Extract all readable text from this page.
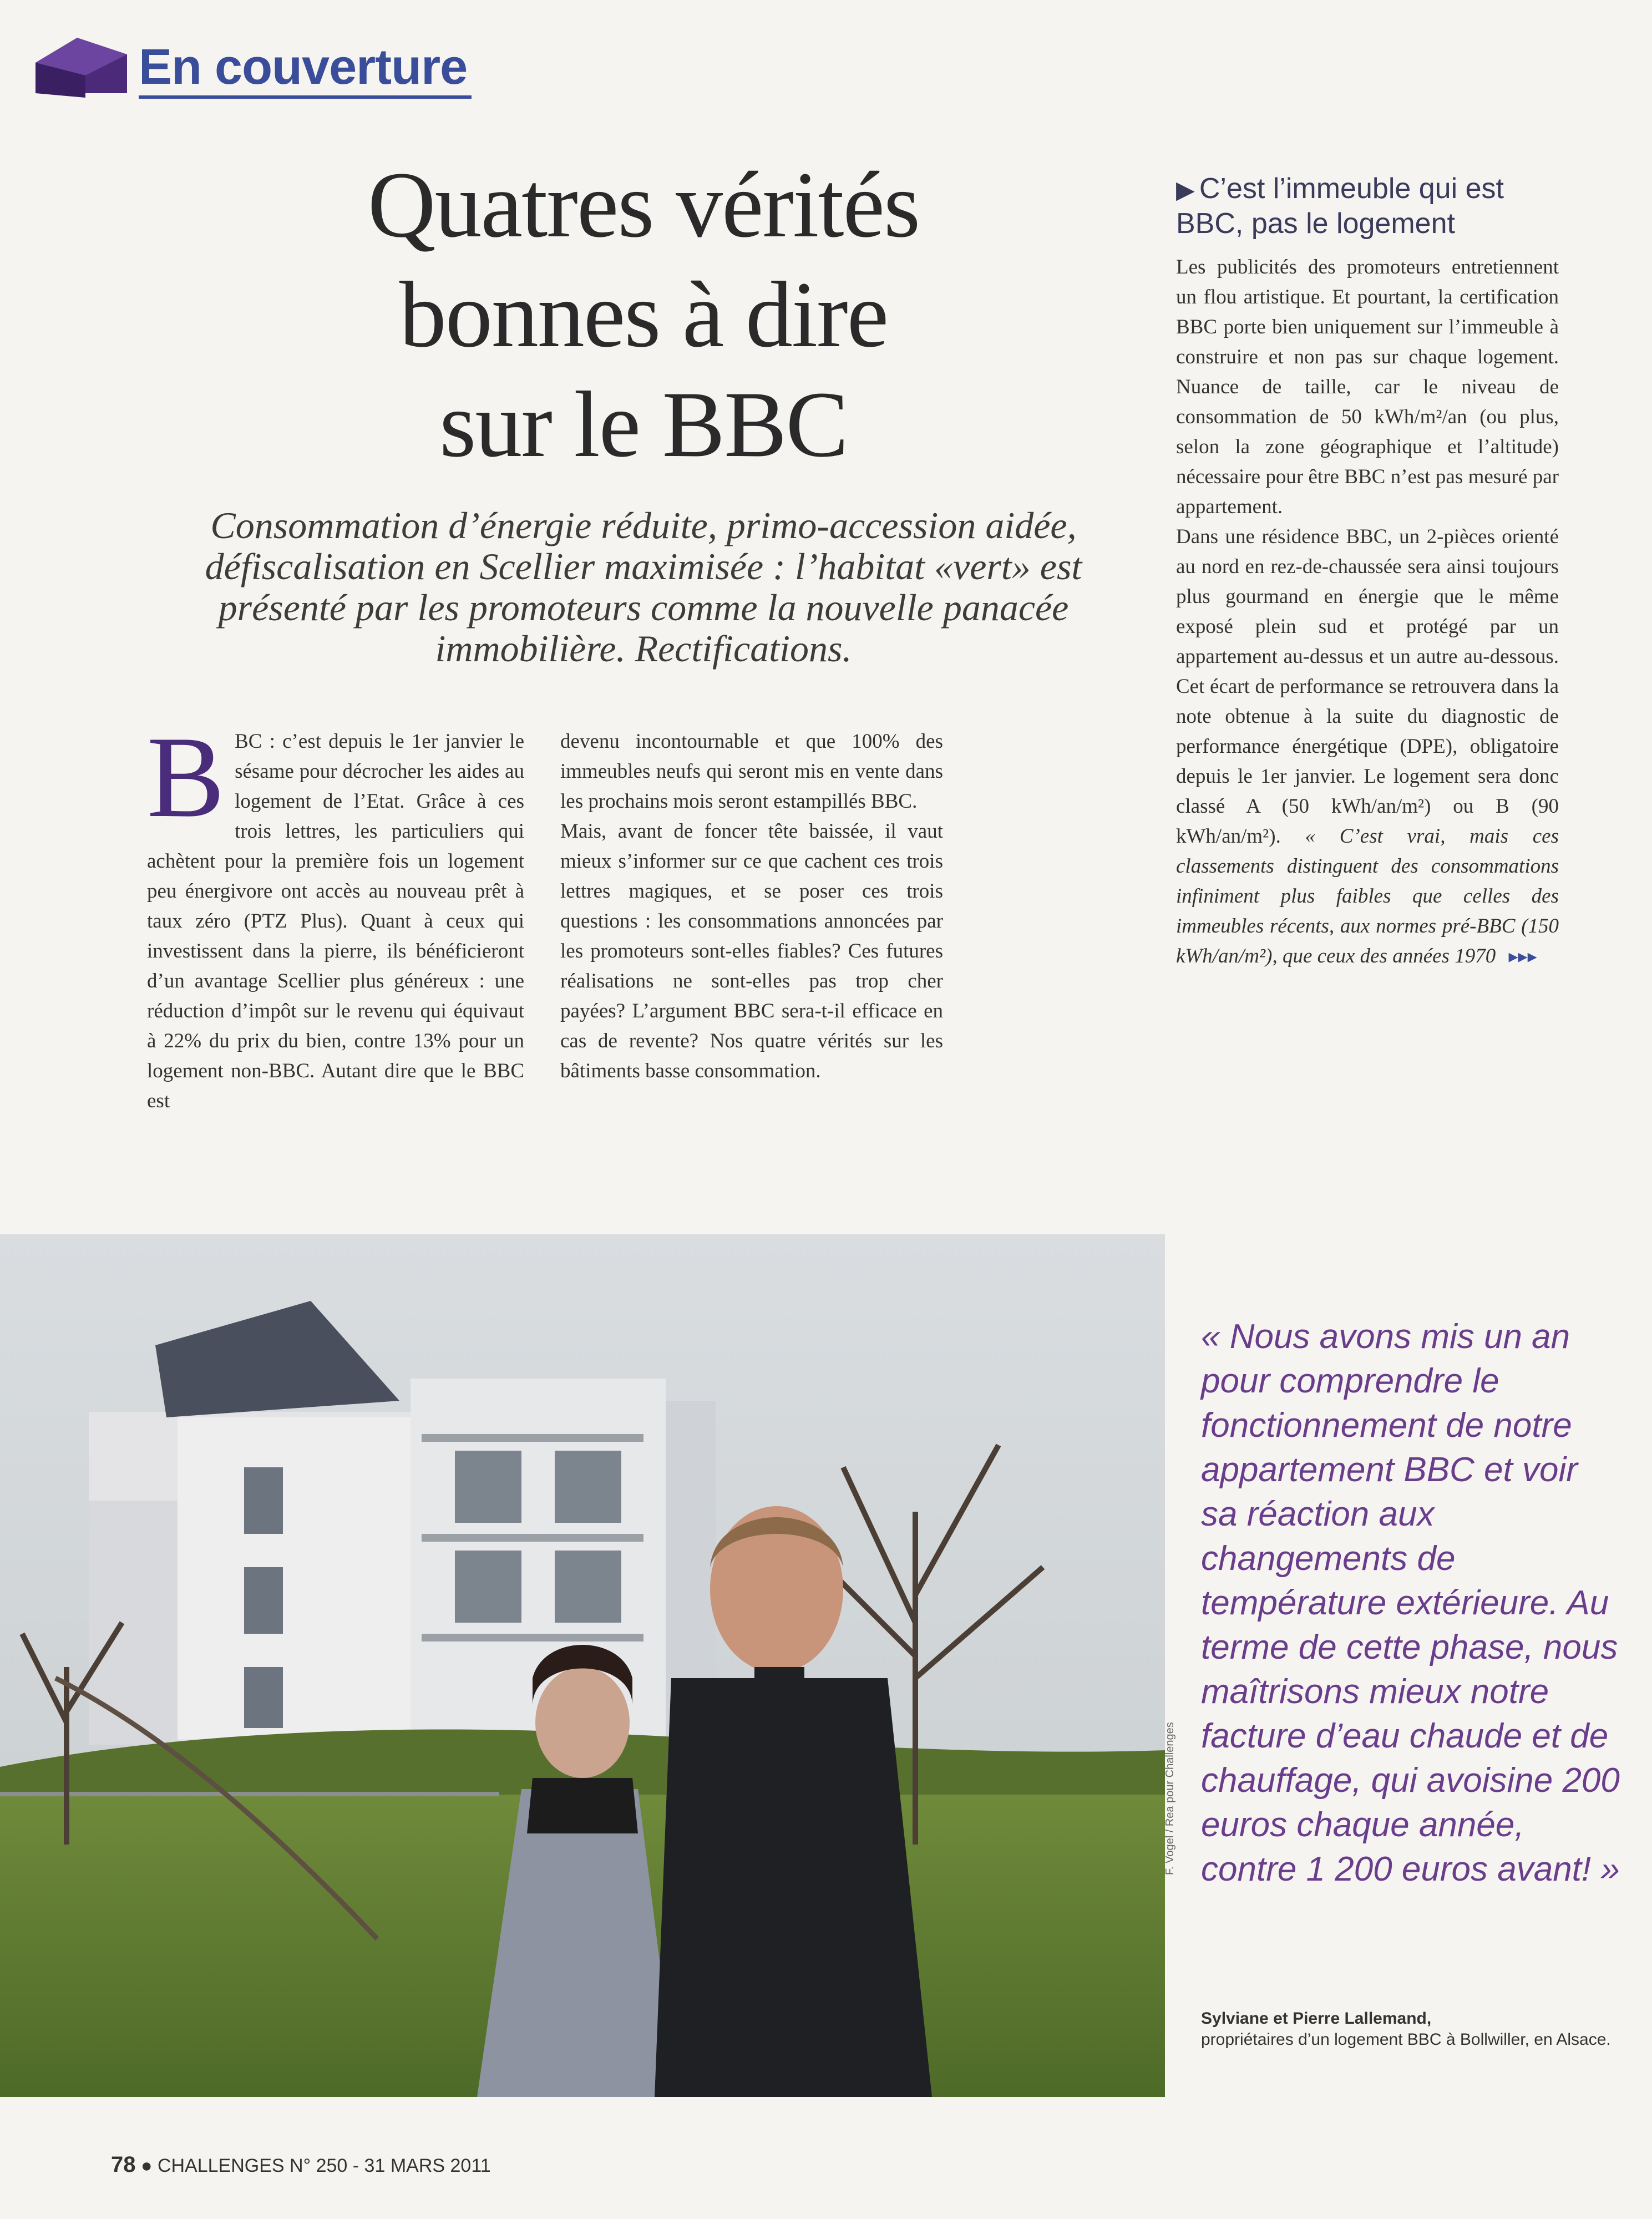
En couverture
Quatres vérités
bonnes à dire
sur le BBC
Consommation d’énergie réduite, primo-accession aidée, défiscalisation en Scellier maximisée : l’habitat «vert» est présenté par les promoteurs comme la nouvelle panacée immobilière. Rectifications.
B BC : c’est depuis le 1er janvier le sésame pour décrocher les aides au logement de l’Etat. Grâce à ces trois lettres, les particuliers qui achètent pour la première fois un logement peu énergivore ont accès au nouveau prêt à taux zéro (PTZ Plus). Quant à ceux qui investissent dans la pierre, ils bénéficieront d’un avantage Scellier plus généreux : une réduction d’impôt sur le revenu qui équivaut à 22% du prix du bien, contre 13% pour un logement non-BBC. Autant dire que le BBC est

devenu incontournable et que 100% des immeubles neufs qui seront mis en vente dans les prochains mois seront estampillés BBC.

Mais, avant de foncer tête baissée, il vaut mieux s’informer sur ce que cachent ces trois lettres magiques, et se poser ces trois questions : les consommations annoncées par les promoteurs sont-elles fiables? Ces futures réalisations ne sont-elles pas trop cher payées? L’argument BBC sera-t-il efficace en cas de revente? Nos quatre vérités sur les bâtiments basse consommation.

▶ C’est l’immeuble qui est BBC, pas le logement

Les publicités des promoteurs entretiennent un flou artistique. Et pourtant, la certification BBC porte bien uniquement sur l’immeuble à construire et non pas sur chaque logement. Nuance de taille, car le niveau de consommation de 50 kWh/m²/an (ou plus, selon la zone géographique et l’altitude) nécessaire pour être BBC n’est pas mesuré par appartement.

Dans une résidence BBC, un 2-pièces orienté au nord en rez-de-chaussée sera ainsi toujours plus gourmand en énergie que le même exposé plein sud et protégé par un appartement au-dessus et un autre au-dessous. Cet écart de performance se retrouvera dans la note obtenue à la suite du diagnostic de performance énergétique (DPE), obligatoire depuis le 1er janvier. Le logement sera donc classé A (50 kWh/an/m²) ou B (90 kWh/an/m²). « C’est vrai, mais ces classements distinguent des consommations infiniment plus faibles que celles des immeubles récents, aux normes pré-BBC (150 kWh/an/m²), que ceux des années 1970 ▸▸▸

F. Vogel / Rea pour Challenges
« Nous avons mis un an pour comprendre le fonctionnement de notre appartement BBC et voir sa réaction aux changements de température extérieure. Au terme de cette phase, nous maîtrisons mieux notre facture d’eau chaude et de chauffage, qui avoisine 200 euros chaque année, contre 1 200 euros avant! »
Sylviane et Pierre Lallemand,
propriétaires d’un logement BBC à Bollwiller, en Alsace.
78 ● CHALLENGES N° 250 - 31 MARS 2011
